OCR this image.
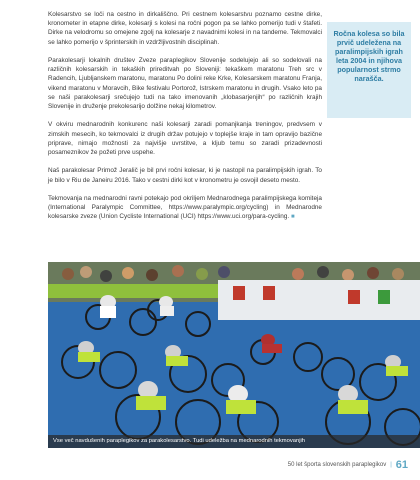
Kolesarstvo se loči na cestno in dirkališčno. Pri cestnem kolesarstvu poznamo cestne dirke, kronometer in etapne dirke, kolesarji s kolesi na ročni pogon pa se lahko pomerijo tudi v štafeti. Dirke na velodromu so omejene zgolj na kolesarje z navadnimi kolesi in na tandeme. Tekmovalci se lahko pomerijo v šprinterskih in vzdržljivostnih disciplinah.

Parakolesarji lokalnih društev Zveze paraplegikov Slovenije sodelujejo ali so sodelovali na različnih kolesarskih in tekaških prireditvah po Sloveniji: tekaškem maratonu Treh src v Radencih, Ljubljanskem maratonu, maratonu Po dolini reke Krke, Kolesarskem maratonu Franja, vikend maratonu v Moravcih, Bike festivalu Portorož, Istrskem maratonu in drugih. Vsako leto pa se naši parakolesarji srečujejo tudi na tako imenovanih „klobasarjenjih“ po različnih krajih Slovenije in druženje prekolesarijo dolžine nekaj kilometrov.

V okviru mednarodnih konkurenc naši kolesarji zaradi pomanjkanja treningov, predvsem v zimskih mesecih, ko tekmovalci iz drugih držav potujejo v toplejše kraje in tam opravijo bazične priprave, nimajo možnosti za najvišje uvrstitve, a kljub temu so zaradi prizadevnosti posameznikov že požeti prve uspehe.

Naš parakolesar Primož Jeralič je bil prvi ročni kolesar, ki je nastopil na paralimpijskih igrah. To je bilo v Riu de Janeiru 2016. Tako v cestni dirki kot v kronometru je osvojil deseto mesto.

Tekmovanja na mednarodni ravni potekajo pod okriljem Mednarodnega paralimpijskega komiteja (International Paralympic Committee, https://www.paralympic.org/cycling) in Mednarodne kolesarske zveze (Union Cycliste International (UCI) https://www.uci.org/para-cycling. ■

Ročna kolesa so bila prvič udeležena na paralimpijskih igrah leta 2004 in njihova popularnost strmo narašča.
Vse več navdušenih paraplegikov za parakolesarstvo. Tudi udeležba na mednarodnih tekmovanjih
50 let športa slovenskih paraplegikov | 61
